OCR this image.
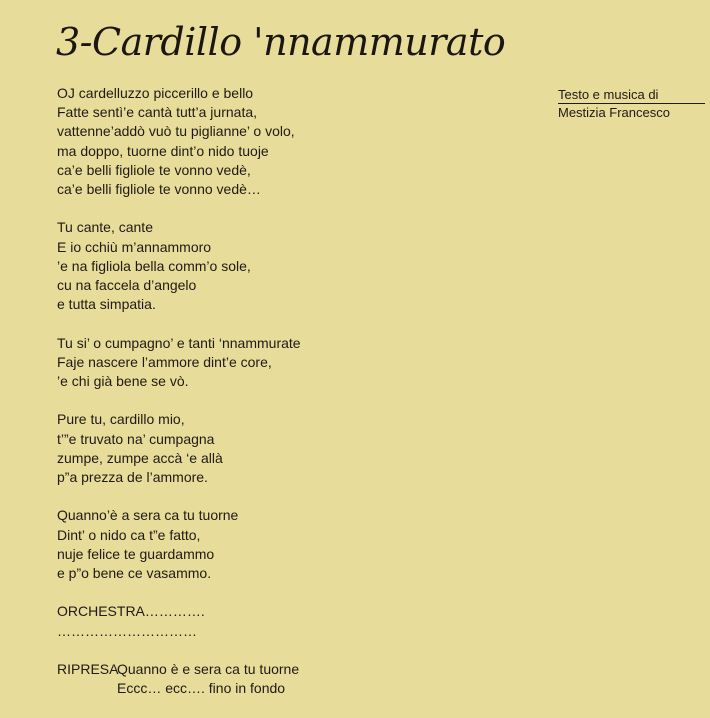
3-Cardillo 'nnammurato
Testo e musica di
Mestizia Francesco
OJ cardelluzzo piccerillo e bello
Fatte sentì’e cantà tutt’a jurnata,
vattenne’addò vuò tu piglianne’ o volo,
ma doppo, tuorne dint’o nido tuoje
ca’e belli figliole te vonno vedè,
ca’e belli figliole te vonno vedè…
Tu cante, cante
E io cchiù m’annammoro
’e na figliola bella comm’o sole,
cu na faccela d’angelo
e tutta simpatia.
Tu si’ o cumpagno’ e tanti ‘nnammurate
Faje nascere l’ammore dint’e core,
’e chi già bene se vò.
Pure tu, cardillo mio,
t’”e truvato na’ cumpagna
zumpe, zumpe accà ‘e allà
p”a prezza de l’ammore.
Quanno’è a sera ca tu tuorne
Dint’ o nido ca t”e fatto,
nuje felice te guardammo
e p”o bene ce vasammo.
ORCHESTRA………….
…………………………
RIPRESAQuanno è e sera ca tu tuorne
Eccc… ecc…. fino in fondo
